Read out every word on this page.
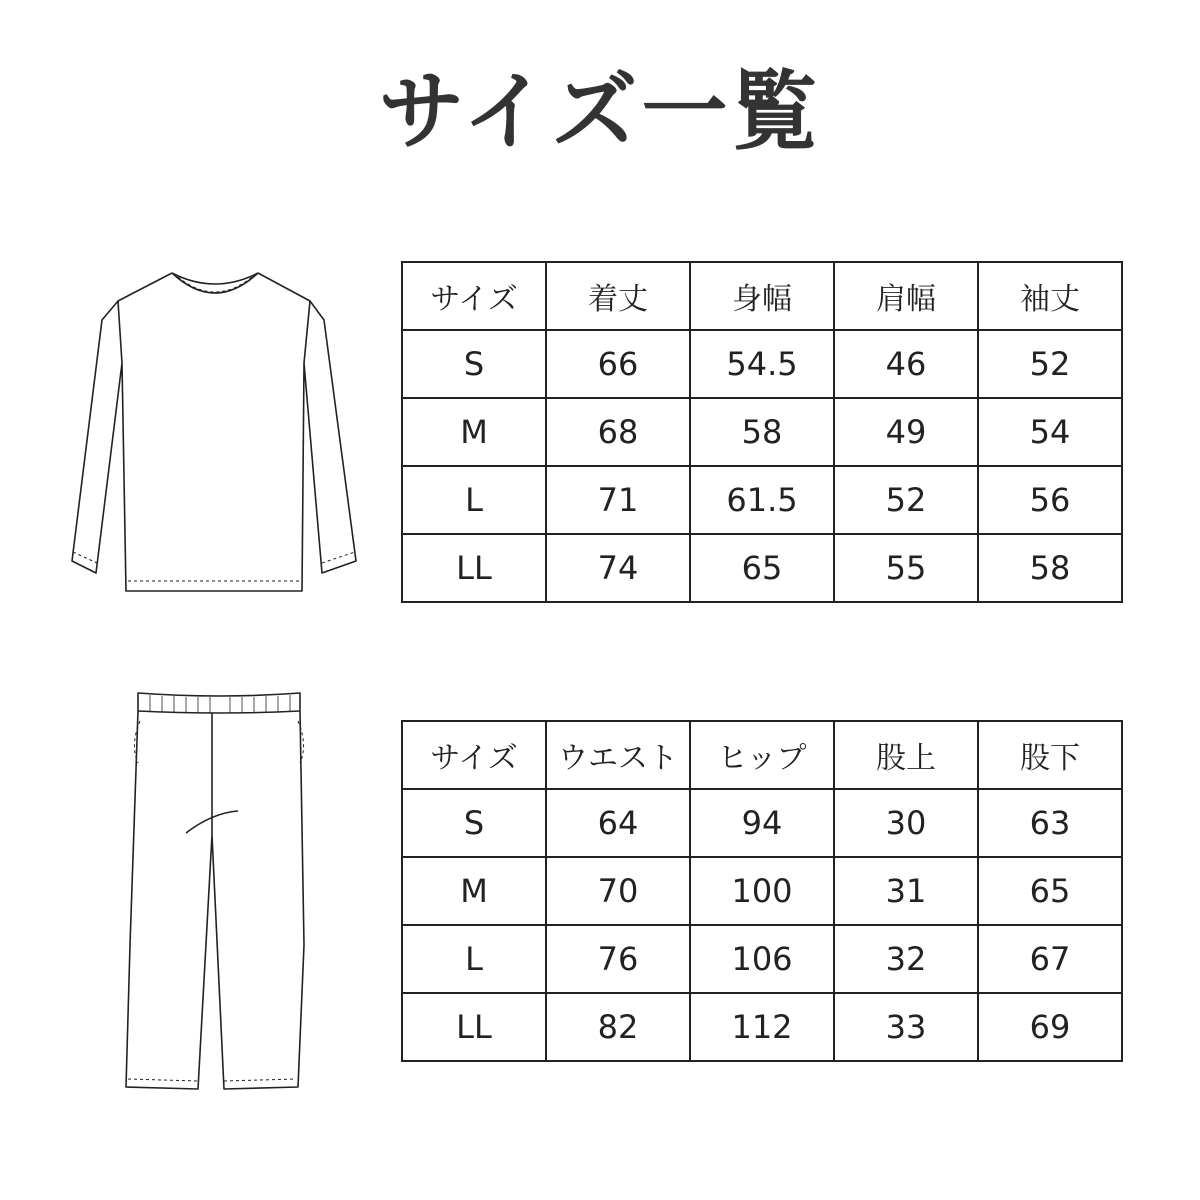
サイズ一覧
サイズ	着丈	身幅	肩幅	袖丈
S	66	54.5	46	52
M	68	58	49	54
L	71	61.5	52	56
LL	74	65	55	58
サイズ	ウエスト	ヒップ	股上	股下
S	64	94	30	63
M	70	100	31	65
L	76	106	32	67
LL	82	112	33	69
